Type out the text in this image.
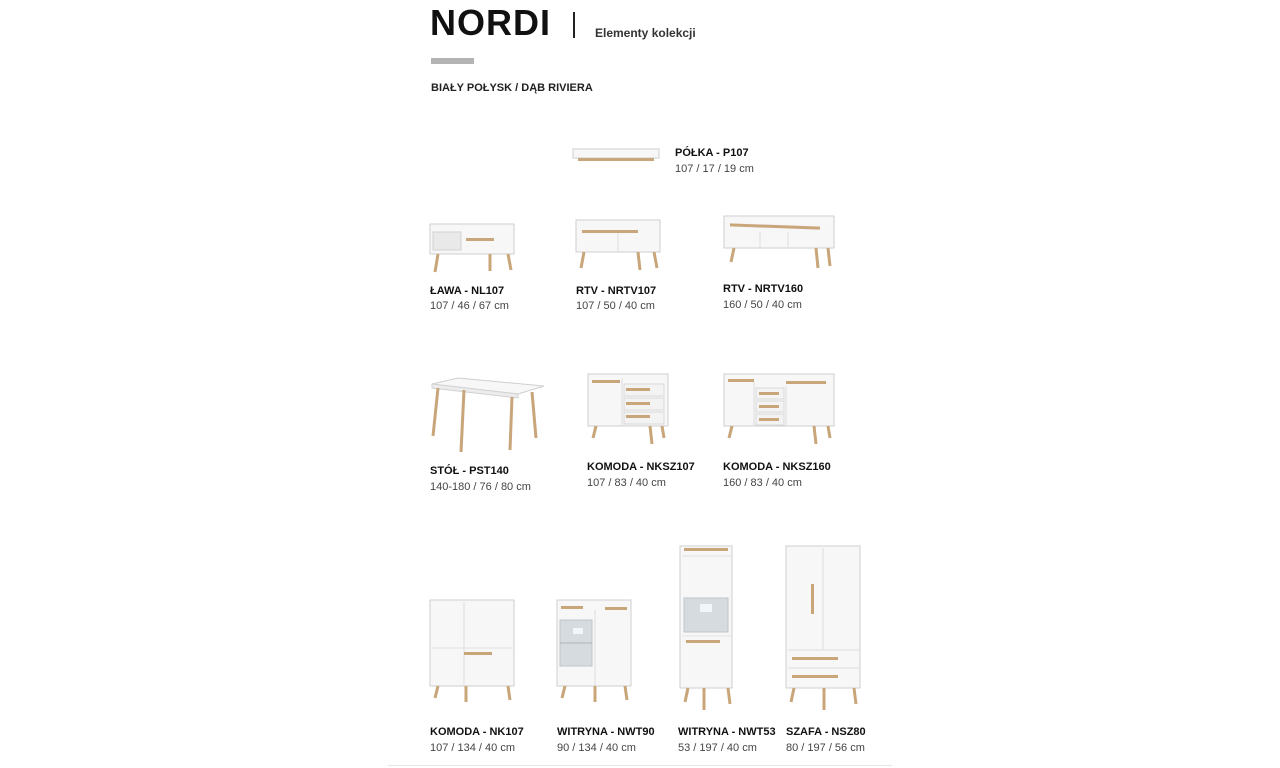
NORDI	Elementy kolekcji
BIAŁY POŁYSK / DĄB RIVIERA
PÓŁKA - P107
107 / 17 / 19 cm
ŁAWA - NL107
107 / 46 / 67 cm
RTV - NRTV107
107 / 50 / 40 cm
RTV - NRTV160
160 / 50 / 40 cm
STÓŁ - PST140
140-180 / 76 / 80 cm
KOMODA - NKSZ107
107 / 83 / 40 cm
KOMODA - NKSZ160
160 / 83 / 40 cm
KOMODA - NK107
107 / 134 / 40 cm
WITRYNA - NWT90
90 / 134 / 40 cm
WITRYNA - NWT53
53 / 197 / 40 cm
SZAFA - NSZ80
80 / 197 / 56 cm
